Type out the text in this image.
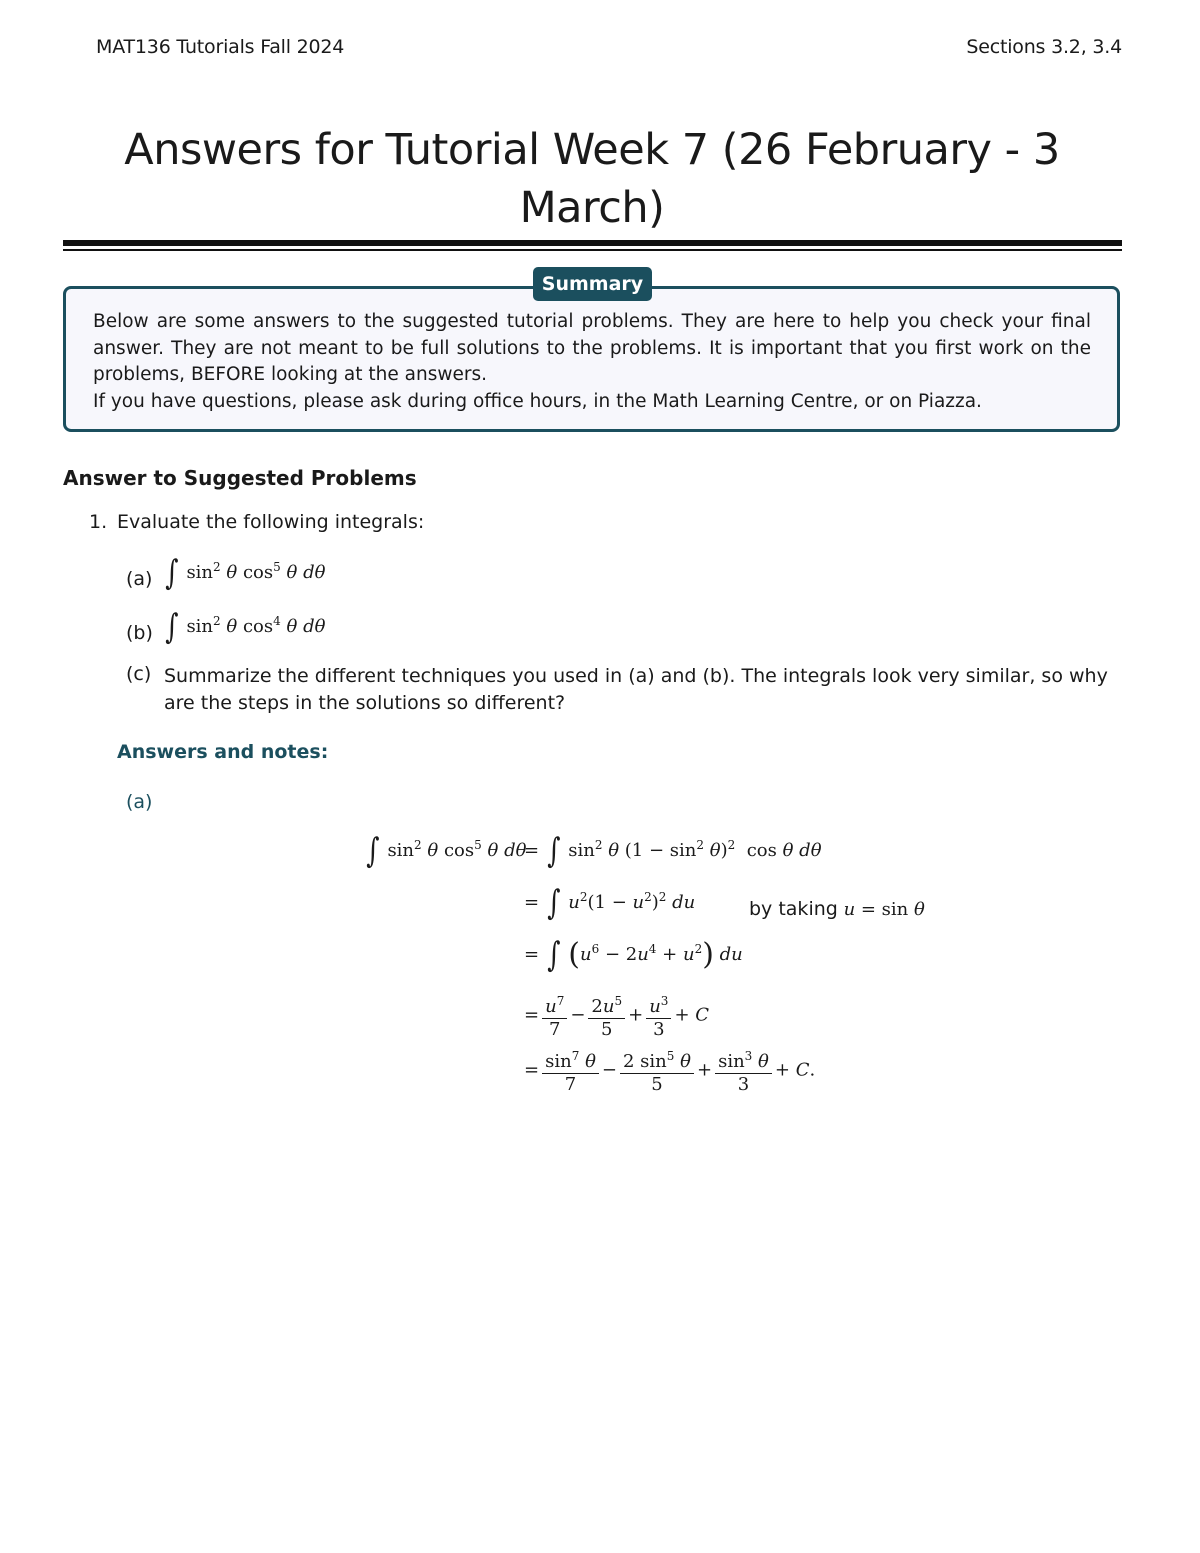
MAT136 Tutorials Fall 2024	Sections 3.2, 3.4
Answers for Tutorial Week 7 (26 February - 3 March)
Summary

Below are some answers to the suggested tutorial problems. They are here to help you check your final answer. They are not meant to be full solutions to the problems. It is important that you first work on the problems, BEFORE looking at the answers.

If you have questions, please ask during office hours, in the Math Learning Centre, or on Piazza.

Answer to Suggested Problems
1. Evaluate the following integrals:
(a) ∫ $\sin^2 \theta$ $\cos^5 \theta$ dθ
(b) ∫ $\sin^2 \theta$ $\cos^4 \theta$ dθ
(c) Summarize the different techniques you used in (a) and (b). The integrals look very similar, so why are the steps in the solutions so different?
Answers and notes:
(a)
∫ $\sin^2 \theta$ $\cos^5 \theta$ dθ
= ∫ $\sin^2 \theta$ $(1 - \sin^2 \theta)^2$  cos θ dθ
= ∫ $u^2(1 - u^2)^2$ du	by taking u = sin θ
= ∫ $(u^6 - 2u^4 + u^2)$ du
= $\frac{u^7}{7} - \frac{2u^5}{5} + \frac{u^3}{3} + C$
= $\frac{\sin^7 \theta}{7} - \frac{2 \sin^5 \theta}{5} + \frac{\sin^3 \theta}{3} + C$.
